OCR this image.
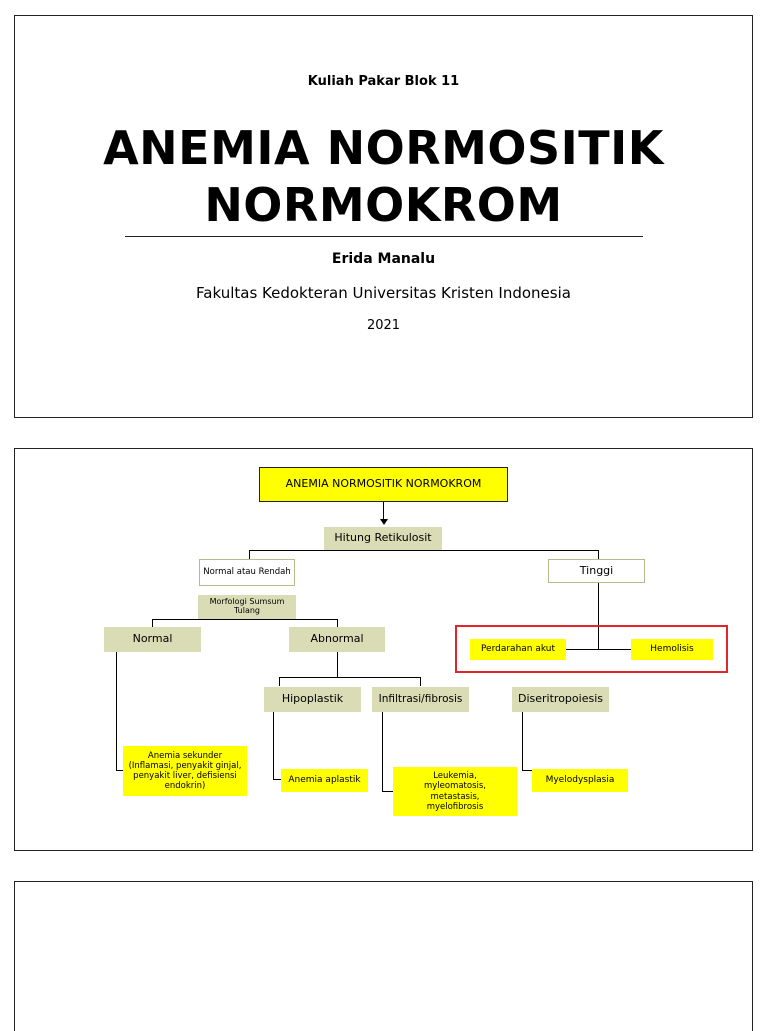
Kuliah Pakar Blok 11
ANEMIA NORMOSITIK
NORMOKROM
Erida Manalu
Fakultas Kedokteran Universitas Kristen Indonesia
2021
ANEMIA NORMOSITIK NORMOKROM
Hitung Retikulosit
Normal atau Rendah	Tinggi
Morfologi Sumsum Tulang
Normal	Abnormal
Perdarahan akut	Hemolisis
Hipoplastik	Infiltrasi/fibrosis	Diseritropoiesis
Anemia sekunder (Inflamasi, penyakit ginjal, penyakit liver, defisiensi endokrin)
Anemia aplastik	Leukemia, myleomatosis, metastasis, myelofibrosis
Myelodysplasia
